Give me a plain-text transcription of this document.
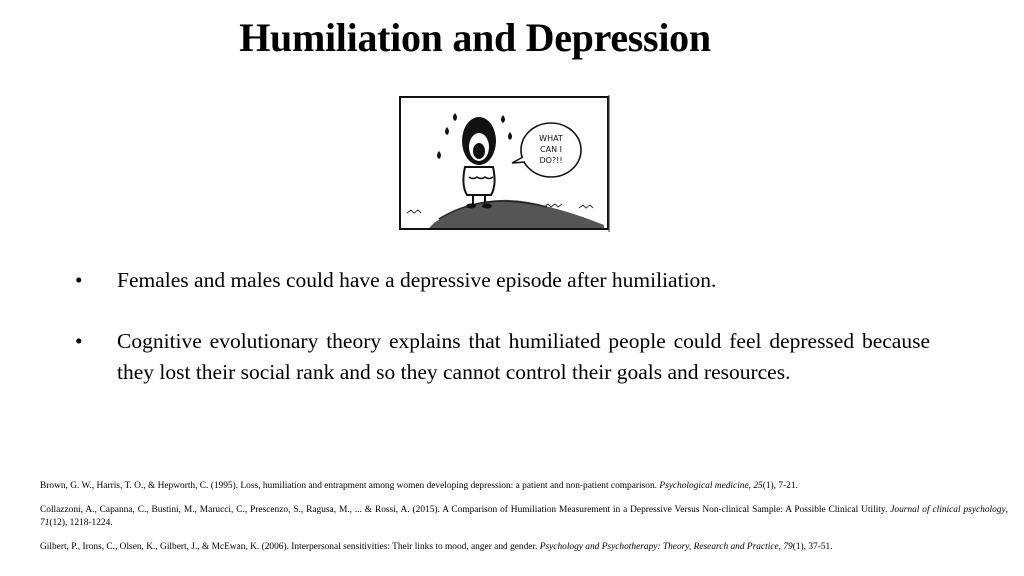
Humiliation and Depression
WHAT
CAN I
DO?!!
•	Females and males could have a depressive episode after humiliation.
•	Cognitive evolutionary theory explains that humiliated people could feel depressed because they lost their social rank and so they cannot control their goals and resources.
Brown, G. W., Harris, T. O., & Hepworth, C. (1995). Loss, humiliation and entrapment among women developing depression: a patient and non-patient comparison. Psychological medicine, 25(1), 7-21.
Collazzoni, A., Capanna, C., Bustini, M., Marucci, C., Prescenzo, S., Ragusa, M., ... & Rossi, A. (2015). A Comparison of Humiliation Measurement in a Depressive Versus Non-clinical Sample: A Possible Clinical Utility. Journal of clinical psychology, 71(12), 1218-1224.
Gilbert, P., Irons, C., Olsen, K., Gilbert, J., & McEwan, K. (2006). Interpersonal sensitivities: Their links to mood, anger and gender. Psychology and Psychotherapy: Theory, Research and Practice, 79(1), 37-51.
